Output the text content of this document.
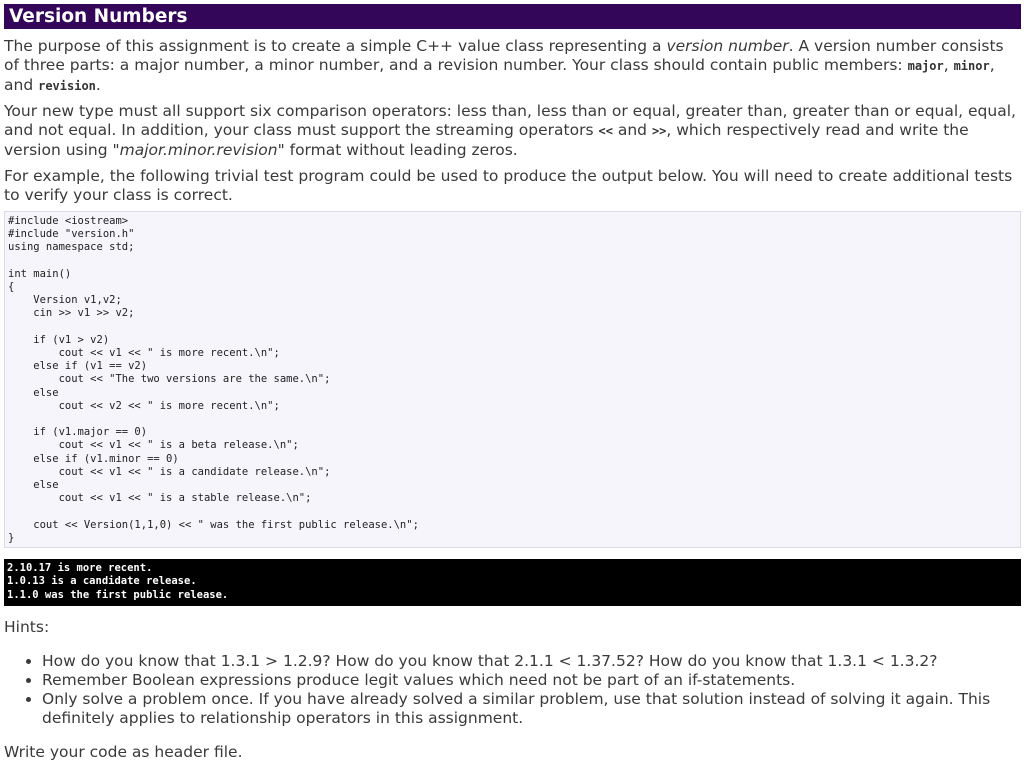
Version Numbers

The purpose of this assignment is to create a simple C++ value class representing a version number. A version number consists of three parts: a major number, a minor number, and a revision number. Your class should contain public members: major, minor, and revision.

Your new type must all support six comparison operators: less than, less than or equal, greater than, greater than or equal, equal, and not equal. In addition, your class must support the streaming operators << and >>, which respectively read and write the version using "major.minor.revision" format without leading zeros.

For example, the following trivial test program could be used to produce the output below. You will need to create additional tests to verify your class is correct.

#include <iostream>
#include "version.h"
using namespace std;

int main()
{
Version v1,v2;
cin >> v1 >> v2;

if (v1 > v2)
cout << v1 << " is more recent.\n";
else if (v1 == v2)
cout << "The two versions are the same.\n";
else
cout << v2 << " is more recent.\n";

if (v1.major == 0)
cout << v1 << " is a beta release.\n";
else if (v1.minor == 0)
cout << v1 << " is a candidate release.\n";
else
cout << v1 << " is a stable release.\n";

cout << Version(1,1,0) << " was the first public release.\n";
}
2.10.17 is more recent.
1.0.13 is a candidate release.
1.1.0 was the first public release.

Hints:

• How do you know that 1.3.1 > 1.2.9? How do you know that 2.1.1 < 1.37.52? How do you know that 1.3.1 < 1.3.2?
• Remember Boolean expressions produce legit values which need not be part of an if-statements.
• Only solve a problem once. If you have already solved a similar problem, use that solution instead of solving it again. This definitely applies to relationship operators in this assignment.

Write your code as header file.
